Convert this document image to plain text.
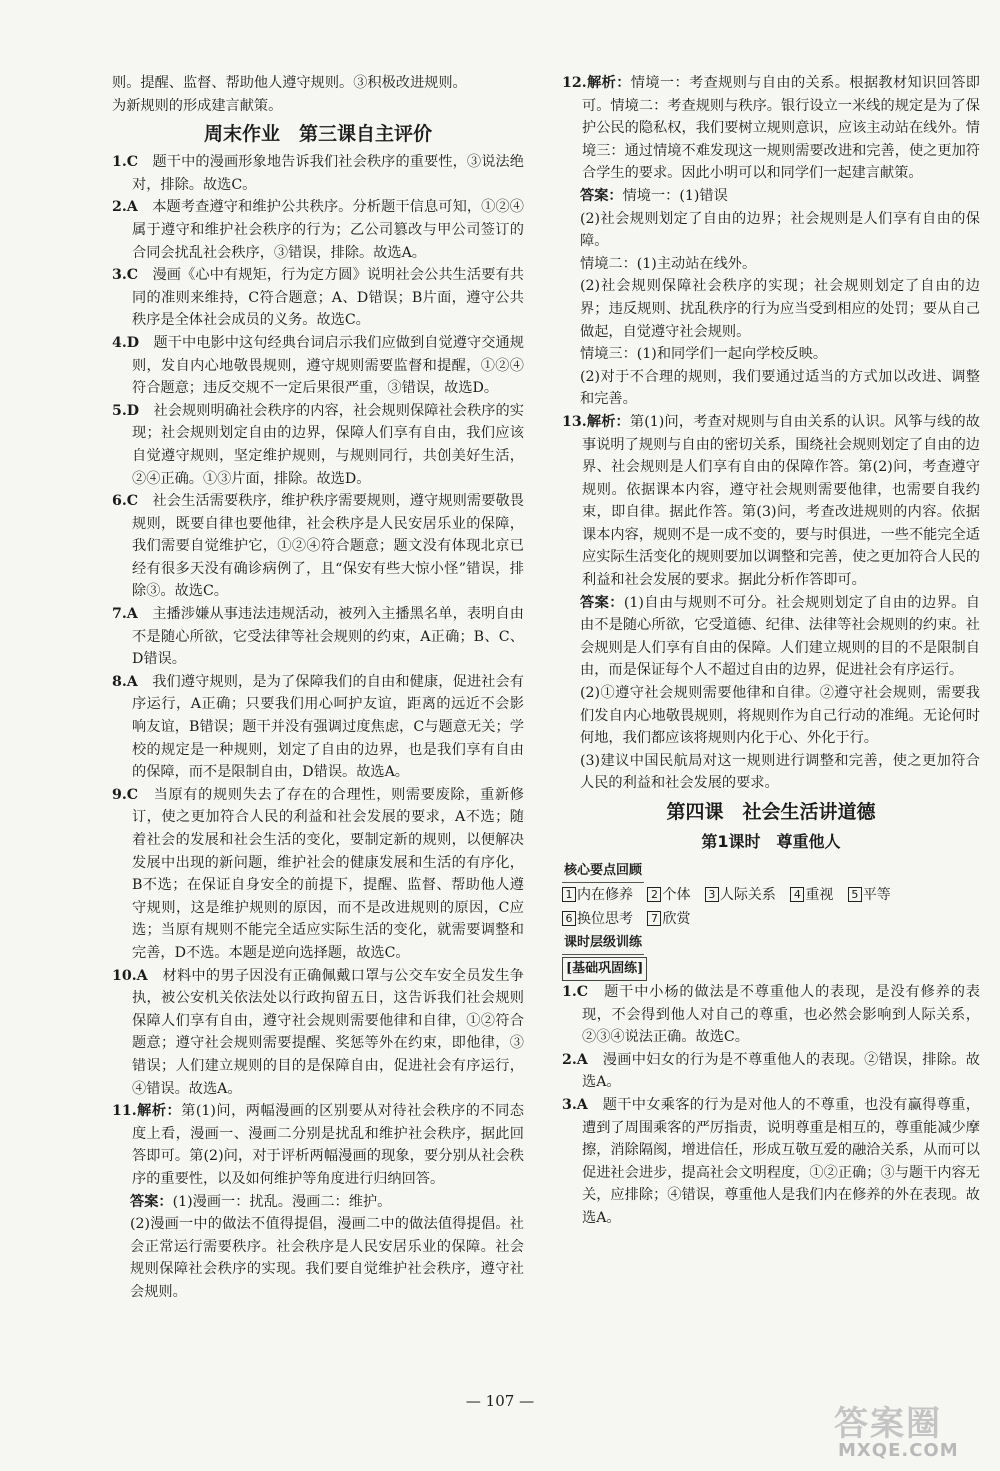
则。提醒、监督、帮助他人遵守规则。③积极改进规则。
为新规则的形成建言献策。
周末作业　第三课自主评价
1.C　 题干中的漫画形象地告诉我们社会秩序的重要性，③说法绝对，排除。故选C。
2.A　 本题考查遵守和维护公共秩序。分析题干信息可知，①②④属于遵守和维护社会秩序的行为；乙公司篡改与甲公司签订的合同会扰乱社会秩序，③错误，排除。故选A。
3.C　 漫画《心中有规矩，行为定方圆》说明社会公共生活要有共同的准则来维持，C符合题意；A、D错误；B片面，遵守公共秩序是全体社会成员的义务。故选C。
4.D　 题干中电影中这句经典台词启示我们应做到自觉遵守交通规则，发自内心地敬畏规则，遵守规则需要监督和提醒，①②④符合题意；违反交规不一定后果很严重，③错误，故选D。
5.D　 社会规则明确社会秩序的内容，社会规则保障社会秩序的实现；社会规则划定自由的边界，保障人们享有自由，我们应该自觉遵守规则，坚定维护规则，与规则同行，共创美好生活，②④正确。①③片面，排除。故选D。
6.C　 社会生活需要秩序，维护秩序需要规则，遵守规则需要敬畏规则，既要自律也要他律，社会秩序是人民安居乐业的保障，我们需要自觉维护它，①②④符合题意；题文没有体现北京已经有很多天没有确诊病例了，且“保安有些大惊小怪”错误，排除③。故选C。
7.A　 主播涉嫌从事违法违规活动，被列入主播黑名单，表明自由不是随心所欲，它受法律等社会规则的约束，A正确；B、C、D错误。
8.A　 我们遵守规则，是为了保障我们的自由和健康，促进社会有序运行，A正确；只要我们用心呵护友谊，距离的远近不会影响友谊，B错误；题干并没有强调过度焦虑，C与题意无关；学校的规定是一种规则，划定了自由的边界，也是我们享有自由的保障，而不是限制自由，D错误。故选A。
9.C　 当原有的规则失去了存在的合理性，则需要废除，重新修订，使之更加符合人民的利益和社会发展的要求，A不选；随着社会的发展和社会生活的变化，要制定新的规则，以便解决发展中出现的新问题，维护社会的健康发展和生活的有序化，B不选；在保证自身安全的前提下，提醒、监督、帮助他人遵守规则，这是维护规则的原因，而不是改进规则的原因，C应选；当原有规则不能完全适应实际生活的变化，就需要调整和完善，D不选。本题是逆向选择题，故选C。
10.A　 材料中的男子因没有正确佩戴口罩与公交车安全员发生争执，被公安机关依法处以行政拘留五日，这告诉我们社会规则保障人们享有自由，遵守社会规则需要他律和自律，①②符合题意；遵守社会规则需要提醒、奖惩等外在约束，即他律，③错误；人们建立规则的目的是保障自由，促进社会有序运行，④错误。故选A。
11.解析：第(1)问，两幅漫画的区别要从对待社会秩序的不同态度上看，漫画一、漫画二分别是扰乱和维护社会秩序，据此回答即可。第(2)问，对于评析两幅漫画的现象，要分别从社会秩序的重要性，以及如何维护等角度进行归纳回答。
答案：(1)漫画一：扰乱。漫画二：维护。
(2)漫画一中的做法不值得提倡，漫画二中的做法值得提倡。社会正常运行需要秩序。社会秩序是人民安居乐业的保障。社会规则保障社会秩序的实现。我们要自觉维护社会秩序，遵守社会规则。
12.解析：情境一：考查规则与自由的关系。根据教材知识回答即可。情境二：考查规则与秩序。银行设立一米线的规定是为了保护公民的隐私权，我们要树立规则意识，应该主动站在线外。情境三：通过情境不难发现这一规则需要改进和完善，使之更加符合学生的要求。因此小明可以和同学们一起建言献策。
答案：情境一：(1)错误
(2)社会规则划定了自由的边界；社会规则是人们享有自由的保障。
情境二：(1)主动站在线外。
(2)社会规则保障社会秩序的实现；社会规则划定了自由的边界；违反规则、扰乱秩序的行为应当受到相应的处罚；要从自己做起，自觉遵守社会规则。
情境三：(1)和同学们一起向学校反映。
(2)对于不合理的规则，我们要通过适当的方式加以改进、调整和完善。
13.解析：第(1)问，考查对规则与自由关系的认识。风筝与线的故事说明了规则与自由的密切关系，围绕社会规则划定了自由的边界、社会规则是人们享有自由的保障作答。第(2)问，考查遵守规则。依据课本内容，遵守社会规则需要他律，也需要自我约束，即自律。据此作答。第(3)问，考查改进规则的内容。依据课本内容，规则不是一成不变的，要与时俱进，一些不能完全适应实际生活变化的规则要加以调整和完善，使之更加符合人民的利益和社会发展的要求。据此分析作答即可。
答案：(1)自由与规则不可分。社会规则划定了自由的边界。自由不是随心所欲，它受道德、纪律、法律等社会规则的约束。社会规则是人们享有自由的保障。人们建立规则的目的不是限制自由，而是保证每个人不超过自由的边界，促进社会有序运行。
(2)①遵守社会规则需要他律和自律。②遵守社会规则，需要我们发自内心地敬畏规则，将规则作为自己行动的准绳。无论何时何地，我们都应该将规则内化于心、外化于行。
(3)建议中国民航局对这一规则进行调整和完善，使之更加符合人民的利益和社会发展的要求。
第四课　社会生活讲道德
第1课时　尊重他人
核心要点回顾
1 内在修养 2 个体 3 人际关系 4 重视 5 平等
6 换位思考 7 欣赏
课时层级训练
[基础巩固练]
1.C　 题干中小杨的做法是不尊重他人的表现，是没有修养的表现，不会得到他人对自己的尊重，也必然会影响到人际关系，②③④说法正确。故选C。
2.A　 漫画中妇女的行为是不尊重他人的表现。②错误，排除。故选A。
3.A　 题干中女乘客的行为是对他人的不尊重，也没有赢得尊重，遭到了周围乘客的严厉指责，说明尊重是相互的，尊重能减少摩擦，消除隔阂，增进信任，形成互敬互爱的融洽关系，从而可以促进社会进步，提高社会文明程度，①②正确；③与题干内容无关，应排除；④错误，尊重他人是我们内在修养的外在表现。故选A。
— 107 —
答案圈
MXQE.COM
